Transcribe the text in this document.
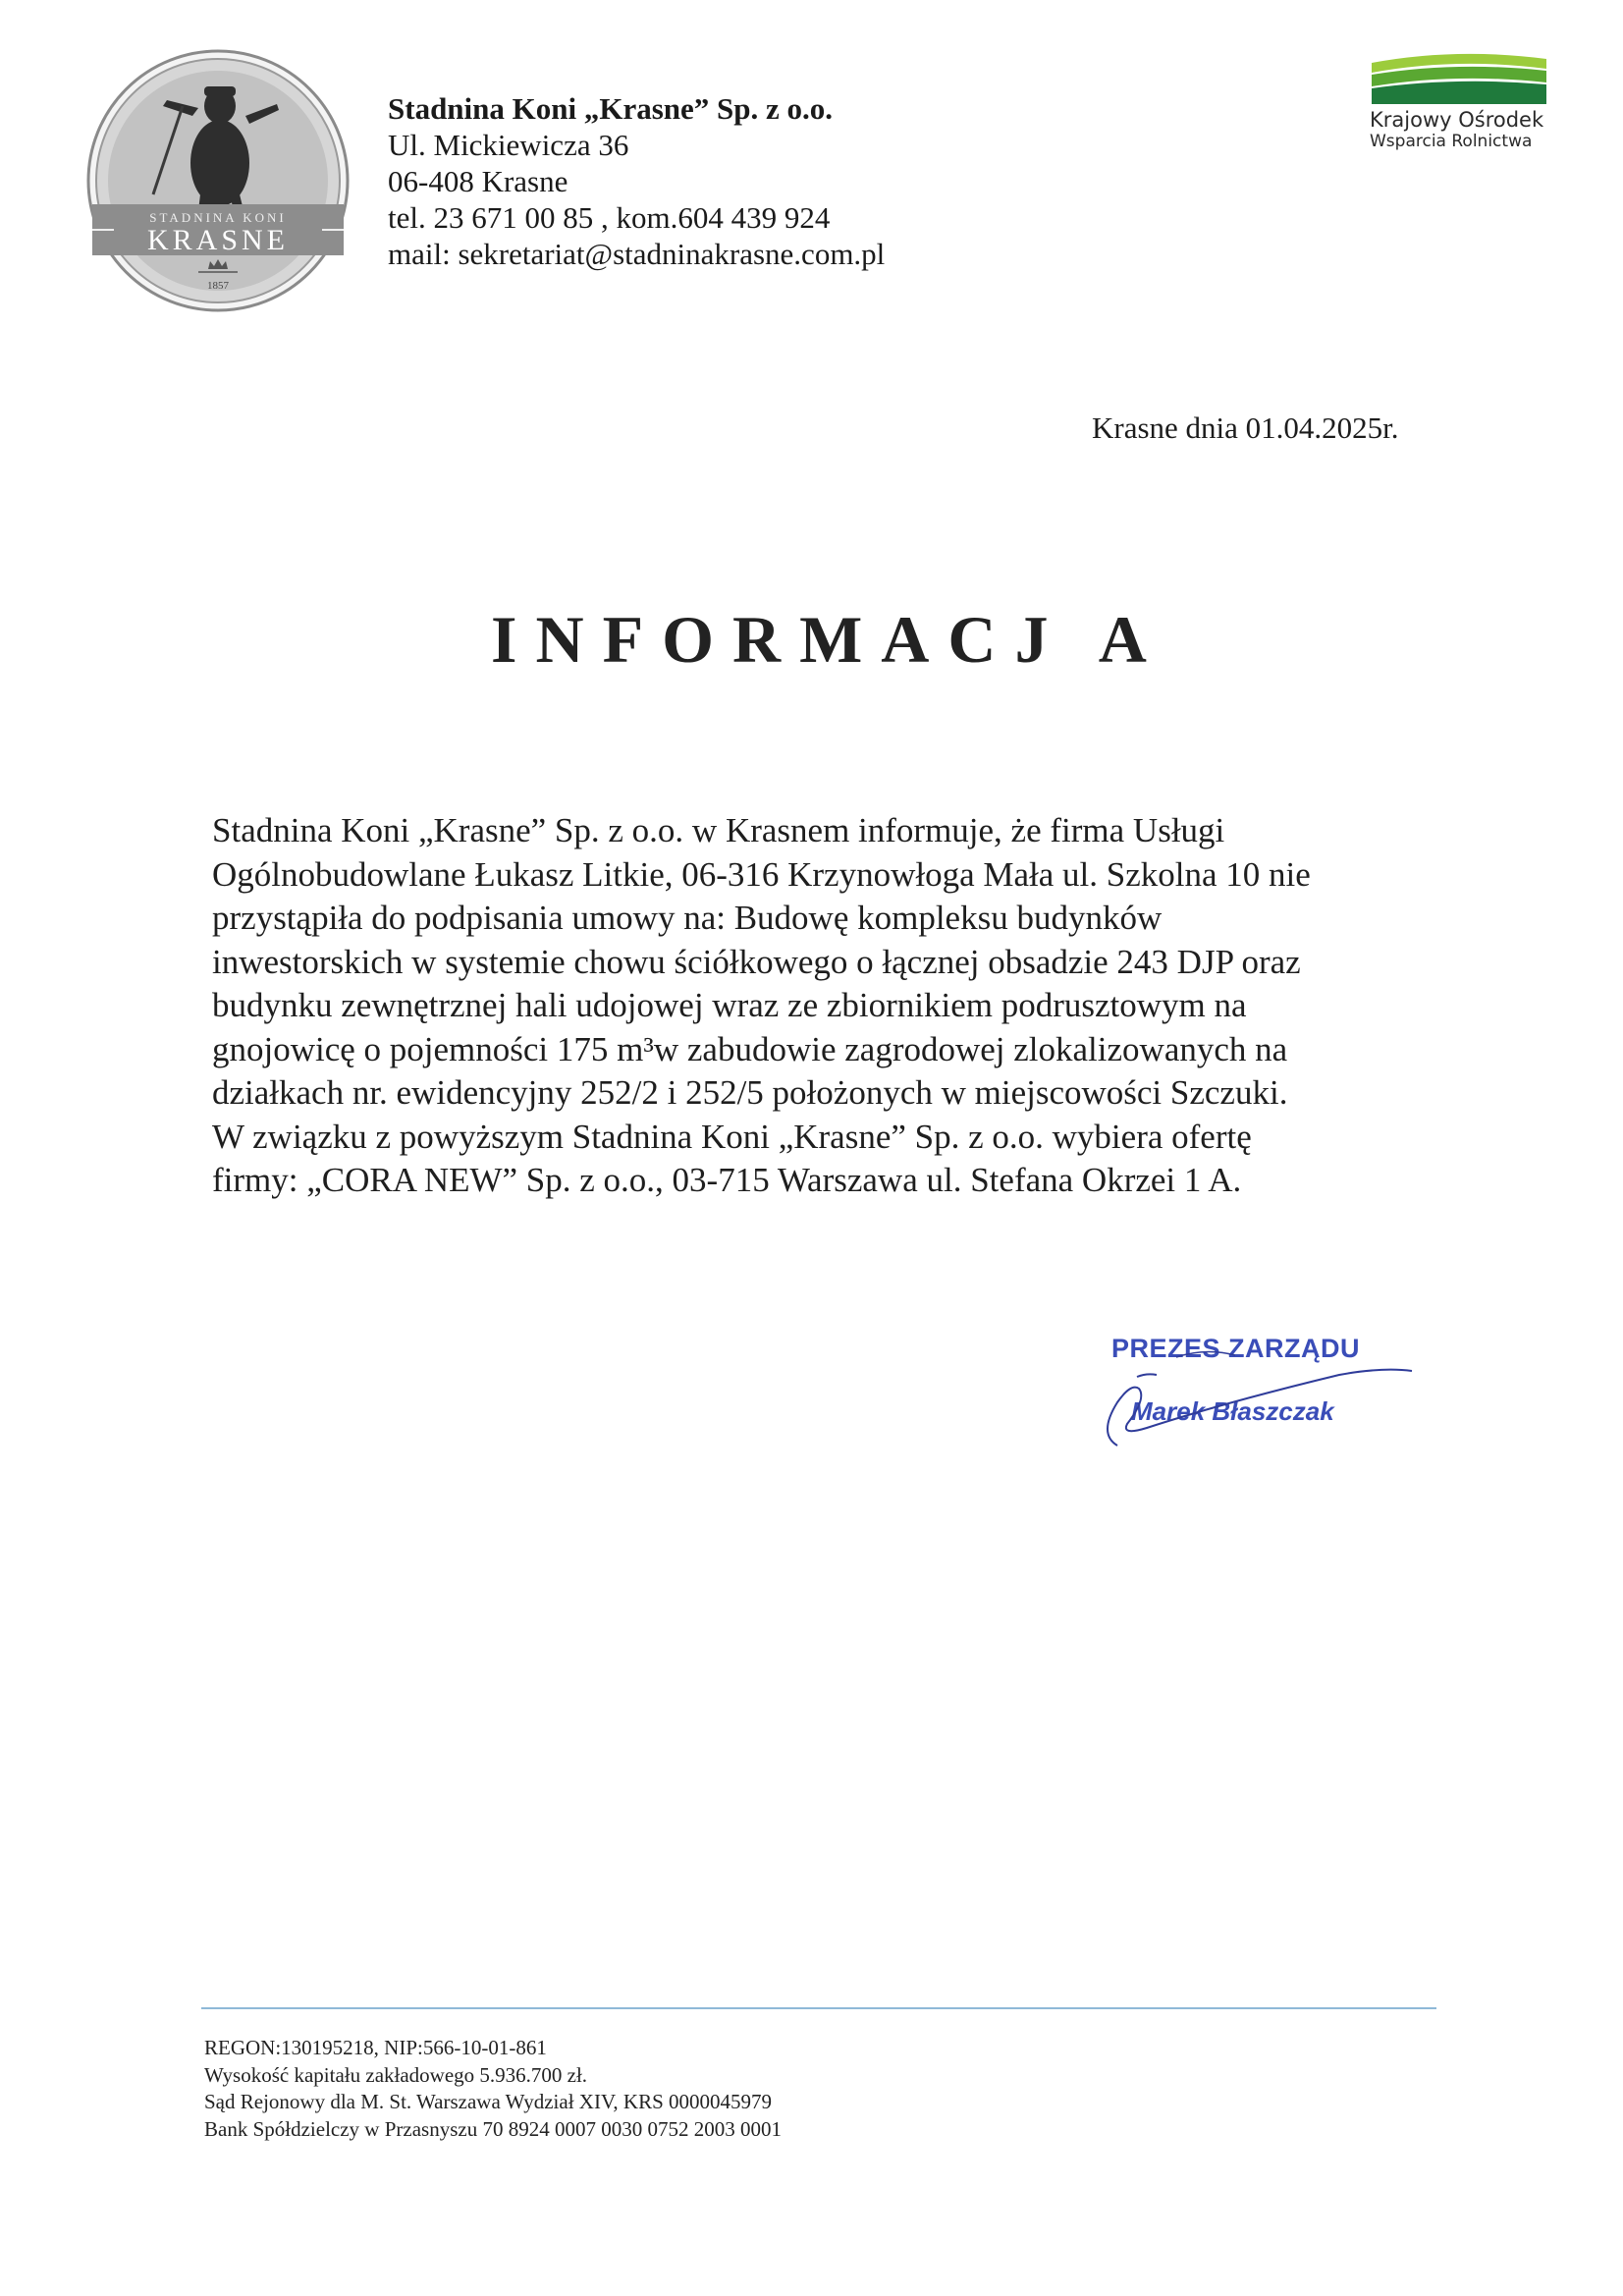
STADNINA KONI
KRASNE
1857
Stadnina Koni „Krasne” Sp. z o.o.
Ul. Mickiewicza 36
06-408 Krasne
tel. 23 671 00 85 , kom.604 439 924
mail: sekretariat@stadninakrasne.com.pl
Krajowy Ośrodek
Wsparcia Rolnictwa
Krasne dnia 01.04.2025r.
INFORMACJ A
Stadnina Koni „Krasne” Sp. z o.o. w Krasnem informuje, że firma Usługi
Ogólnobudowlane Łukasz Litkie, 06-316 Krzynowłoga Mała ul. Szkolna 10 nie
przystąpiła do podpisania umowy na: Budowę kompleksu budynków
inwestorskich w systemie chowu ściółkowego o łącznej obsadzie 243 DJP oraz
budynku zewnętrznej hali udojowej wraz ze zbiornikiem podrusztowym na
gnojowicę o pojemności 175 m³w zabudowie zagrodowej zlokalizowanych na
działkach nr. ewidencyjny 252/2 i 252/5 położonych w miejscowości Szczuki.
W związku z powyższym Stadnina Koni „Krasne” Sp. z o.o. wybiera ofertę
firmy: „CORA NEW” Sp. z o.o., 03-715 Warszawa ul. Stefana Okrzei 1 A.
PREZES ZARZĄDU
Marek Błaszczak
REGON:130195218, NIP:566-10-01-861
Wysokość kapitału zakładowego 5.936.700 zł.
Sąd Rejonowy dla M. St. Warszawa Wydział XIV, KRS 0000045979
Bank Spółdzielczy w Przasnyszu 70 8924 0007 0030 0752 2003 0001
